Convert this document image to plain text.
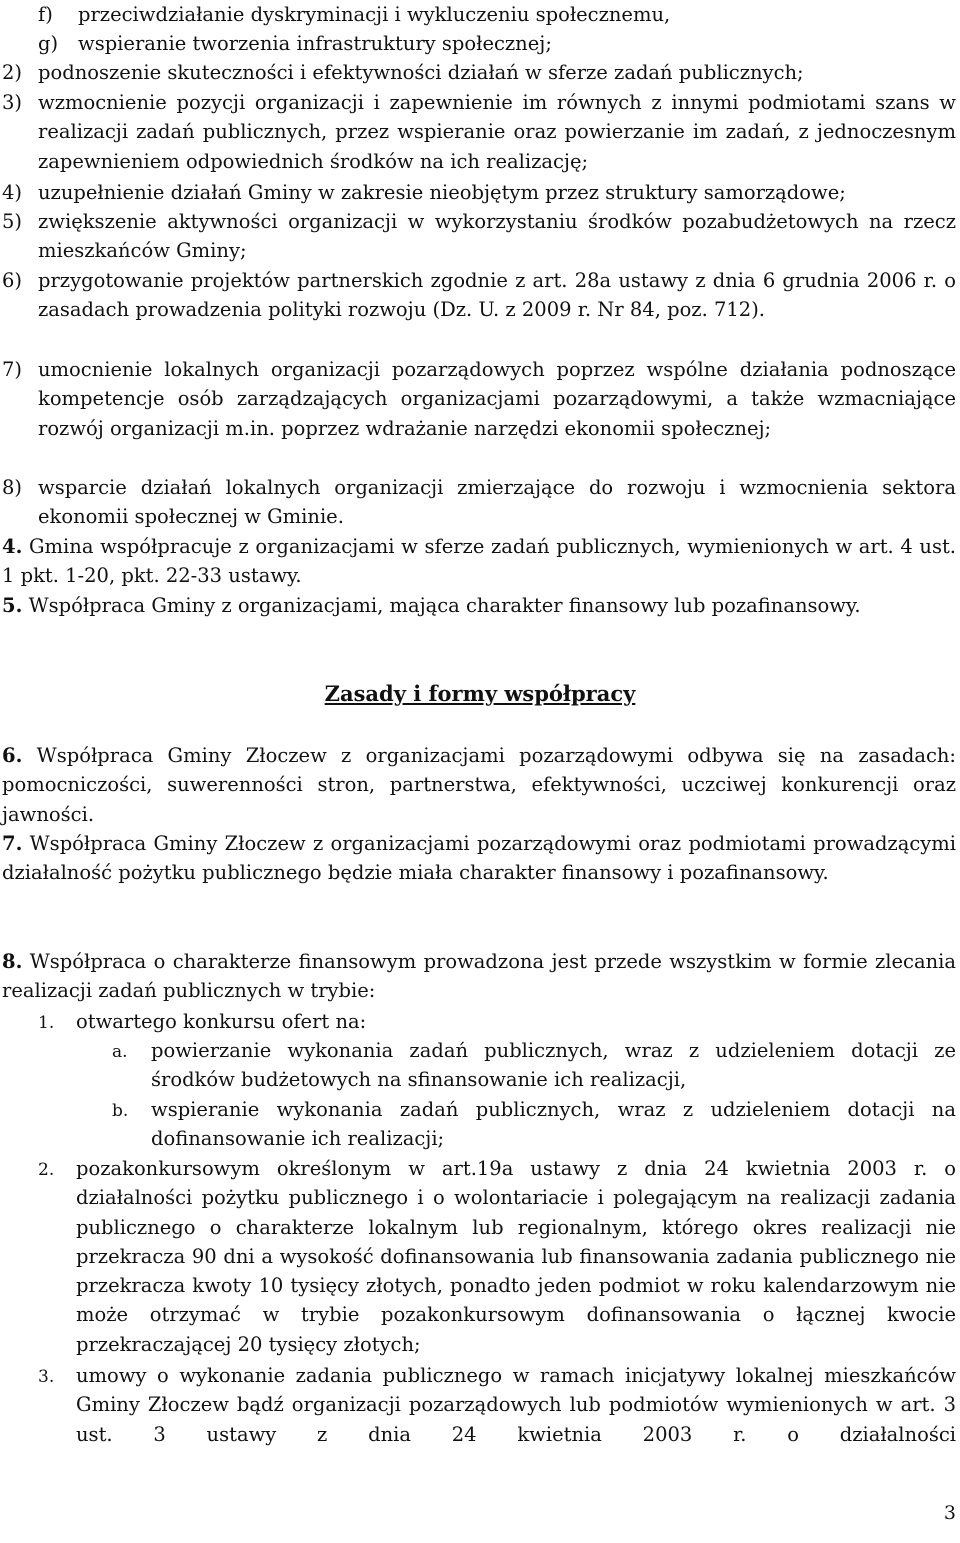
f) przeciwdziałanie dyskryminacji i wykluczeniu społecznemu,

g) wspieranie tworzenia infrastruktury społecznej;

2) podnoszenie skuteczności i efektywności działań w sferze zadań publicznych;

3) wzmocnienie pozycji organizacji i zapewnienie im równych z innymi podmiotami szans w realizacji zadań publicznych, przez wspieranie oraz powierzanie im zadań, z jednoczesnym zapewnieniem odpowiednich środków na ich realizację;

4) uzupełnienie działań Gminy w zakresie nieobjętym przez struktury samorządowe;

5) zwiększenie aktywności organizacji w wykorzystaniu środków pozabudżetowych na rzecz mieszkańców Gminy;

6) przygotowanie projektów partnerskich zgodnie z art. 28a ustawy z dnia 6 grudnia 2006 r. o zasadach prowadzenia polityki rozwoju (Dz. U. z 2009 r. Nr 84, poz. 712).

7) umocnienie lokalnych organizacji pozarządowych poprzez wspólne działania podnoszące kompetencje osób zarządzających organizacjami pozarządowymi, a także wzmacniające rozwój organizacji m.in. poprzez wdrażanie narzędzi ekonomii społecznej;

8) wsparcie działań lokalnych organizacji zmierzające do rozwoju i wzmocnienia sektora ekonomii społecznej w Gminie.

4. Gmina współpracuje z organizacjami w sferze zadań publicznych, wymienionych w art. 4 ust. 1 pkt. 1-20, pkt. 22-33 ustawy.
5. Współpraca Gminy z organizacjami, mająca charakter finansowy lub pozafinansowy.
Zasady i formy współpracy
6. Współpraca Gminy Złoczew z organizacjami pozarządowymi odbywa się na zasadach: pomocniczości, suwerenności stron, partnerstwa, efektywności, uczciwej konkurencji oraz jawności.
7. Współpraca Gminy Złoczew z organizacjami pozarządowymi oraz podmiotami prowadzącymi działalność pożytku publicznego będzie miała charakter finansowy i pozafinansowy.
8. Współpraca o charakterze finansowym prowadzona jest przede wszystkim w formie zlecania realizacji zadań publicznych w trybie:
1. otwartego konkursu ofert na:

a. powierzanie wykonania zadań publicznych, wraz z udzieleniem dotacji ze środków budżetowych na sfinansowanie ich realizacji,

b. wspieranie wykonania zadań publicznych, wraz z udzieleniem dotacji na dofinansowanie ich realizacji;

2. pozakonkursowym określonym w art.19a ustawy z dnia 24 kwietnia 2003 r. o działalności pożytku publicznego i o wolontariacie i polegającym na realizacji zadania publicznego o charakterze lokalnym lub regionalnym, którego okres realizacji nie przekracza 90 dni a wysokość dofinansowania lub finansowania zadania publicznego nie przekracza kwoty 10 tysięcy złotych, ponadto jeden podmiot w roku kalendarzowym nie może otrzymać w trybie pozakonkursowym dofinansowania o łącznej kwocie przekraczającej 20 tysięcy złotych;

3. umowy o wykonanie zadania publicznego w ramach inicjatywy lokalnej mieszkańców Gminy Złoczew bądź organizacji pozarządowych lub podmiotów wymienionych w art. 3 ust. 3 ustawy z dnia 24 kwietnia 2003 r. o działalności

3
